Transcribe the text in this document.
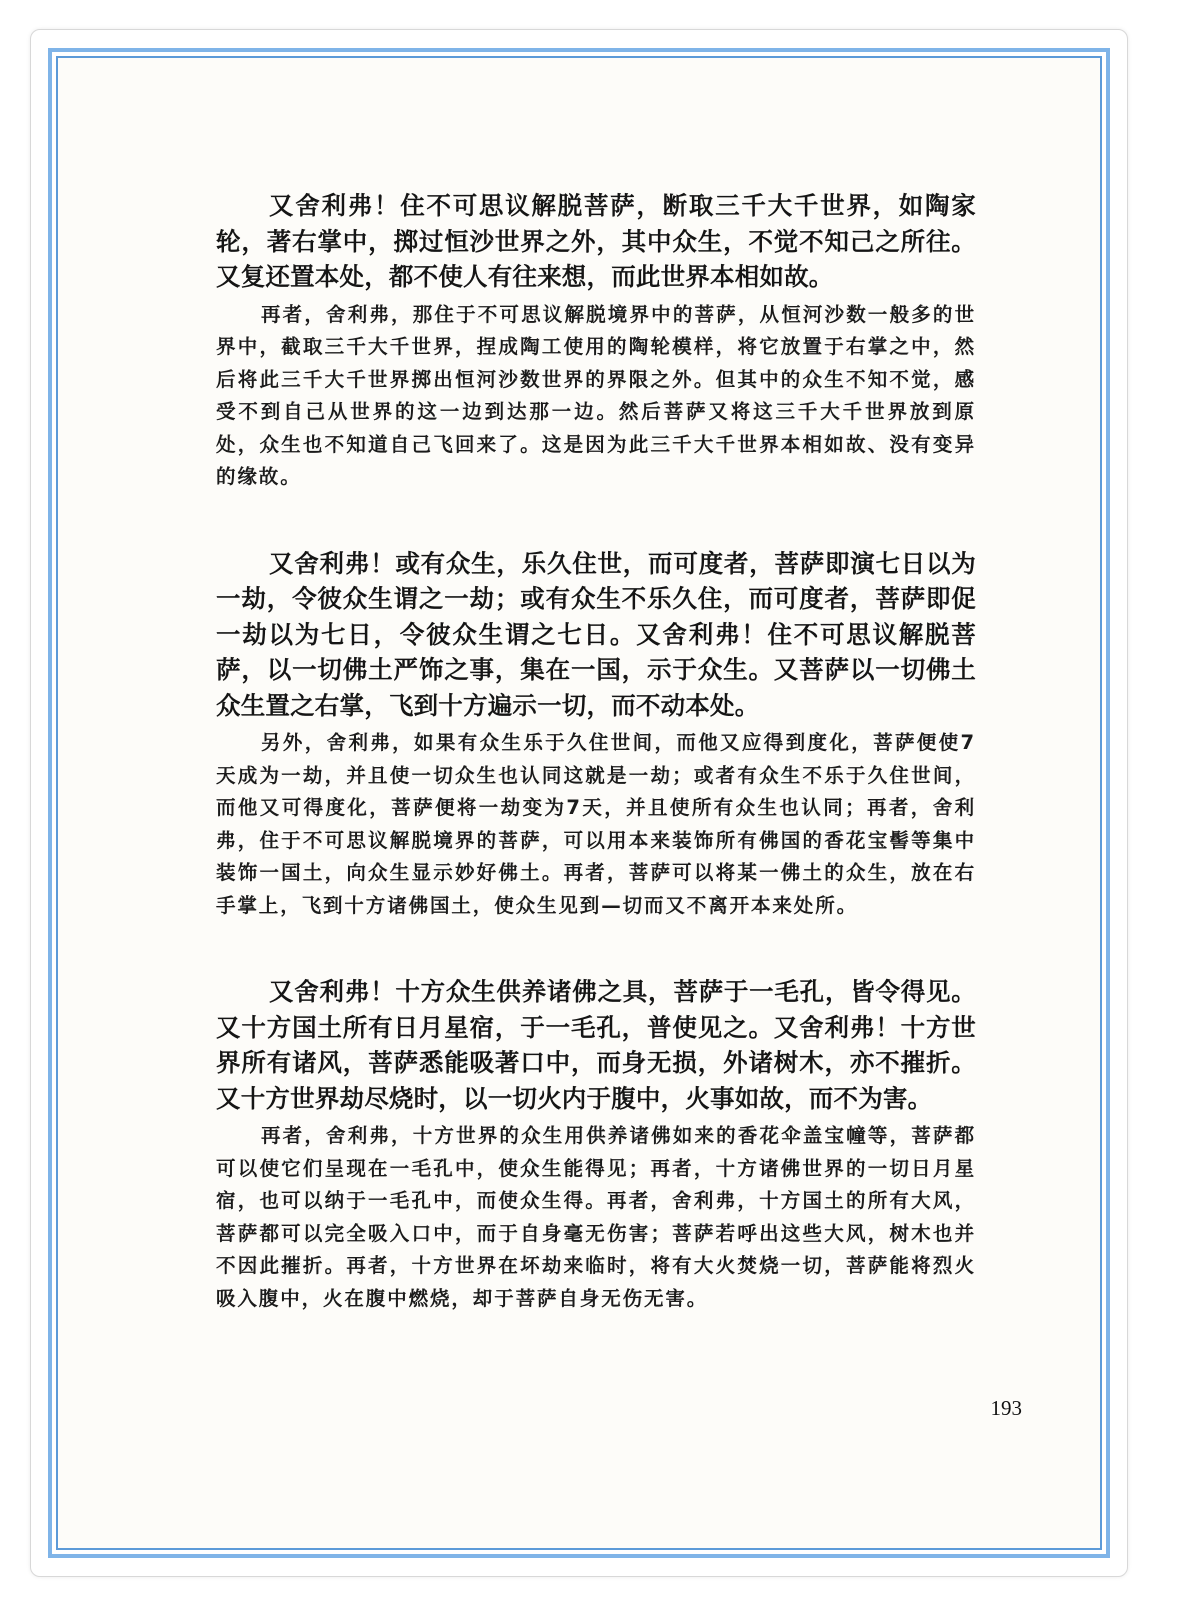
又舍利弗！住不可思议解脱菩萨，断取三千大千世界，如陶家轮，著右掌中，掷过恒沙世界之外，其中众生，不觉不知己之所往。又复还置本处，都不使人有往来想，而此世界本相如故。

再者，舍利弗，那住于不可思议解脱境界中的菩萨，从恒河沙数一般多的世界中，截取三千大千世界，捏成陶工使用的陶轮模样，将它放置于右掌之中，然后将此三千大千世界掷出恒河沙数世界的界限之外。但其中的众生不知不觉，感受不到自己从世界的这一边到达那一边。然后菩萨又将这三千大千世界放到原处，众生也不知道自己飞回来了。这是因为此三千大千世界本相如故、没有变异的缘故。

又舍利弗！或有众生，乐久住世，而可度者，菩萨即演七日以为一劫，令彼众生谓之一劫；或有众生不乐久住，而可度者，菩萨即促一劫以为七日，令彼众生谓之七日。又舍利弗！住不可思议解脱菩萨，以一切佛土严饰之事，集在一国，示于众生。又菩萨以一切佛土众生置之右掌，飞到十方遍示一切，而不动本处。

另外，舍利弗，如果有众生乐于久住世间，而他又应得到度化，菩萨便使7天成为一劫，并且使一切众生也认同这就是一劫；或者有众生不乐于久住世间，而他又可得度化，菩萨便将一劫变为7天，并且使所有众生也认同；再者，舍利弗，住于不可思议解脱境界的菩萨，可以用本来装饰所有佛国的香花宝髻等集中装饰一国土，向众生显示妙好佛土。再者，菩萨可以将某一佛土的众生，放在右手掌上，飞到十方诸佛国土，使众生见到—切而又不离开本来处所。

又舍利弗！十方众生供养诸佛之具，菩萨于一毛孔，皆令得见。又十方国土所有日月星宿，于一毛孔，普使见之。又舍利弗！十方世界所有诸风，菩萨悉能吸著口中，而身无损，外诸树木，亦不摧折。又十方世界劫尽烧时，以一切火内于腹中，火事如故，而不为害。

再者，舍利弗，十方世界的众生用供养诸佛如来的香花伞盖宝幢等，菩萨都可以使它们呈现在一毛孔中，使众生能得见；再者，十方诸佛世界的一切日月星宿，也可以纳于一毛孔中，而使众生得。再者，舍利弗，十方国土的所有大风，菩萨都可以完全吸入口中，而于自身毫无伤害；菩萨若呼出这些大风，树木也并不因此摧折。再者，十方世界在坏劫来临时，将有大火焚烧一切，菩萨能将烈火吸入腹中，火在腹中燃烧，却于菩萨自身无伤无害。

193
